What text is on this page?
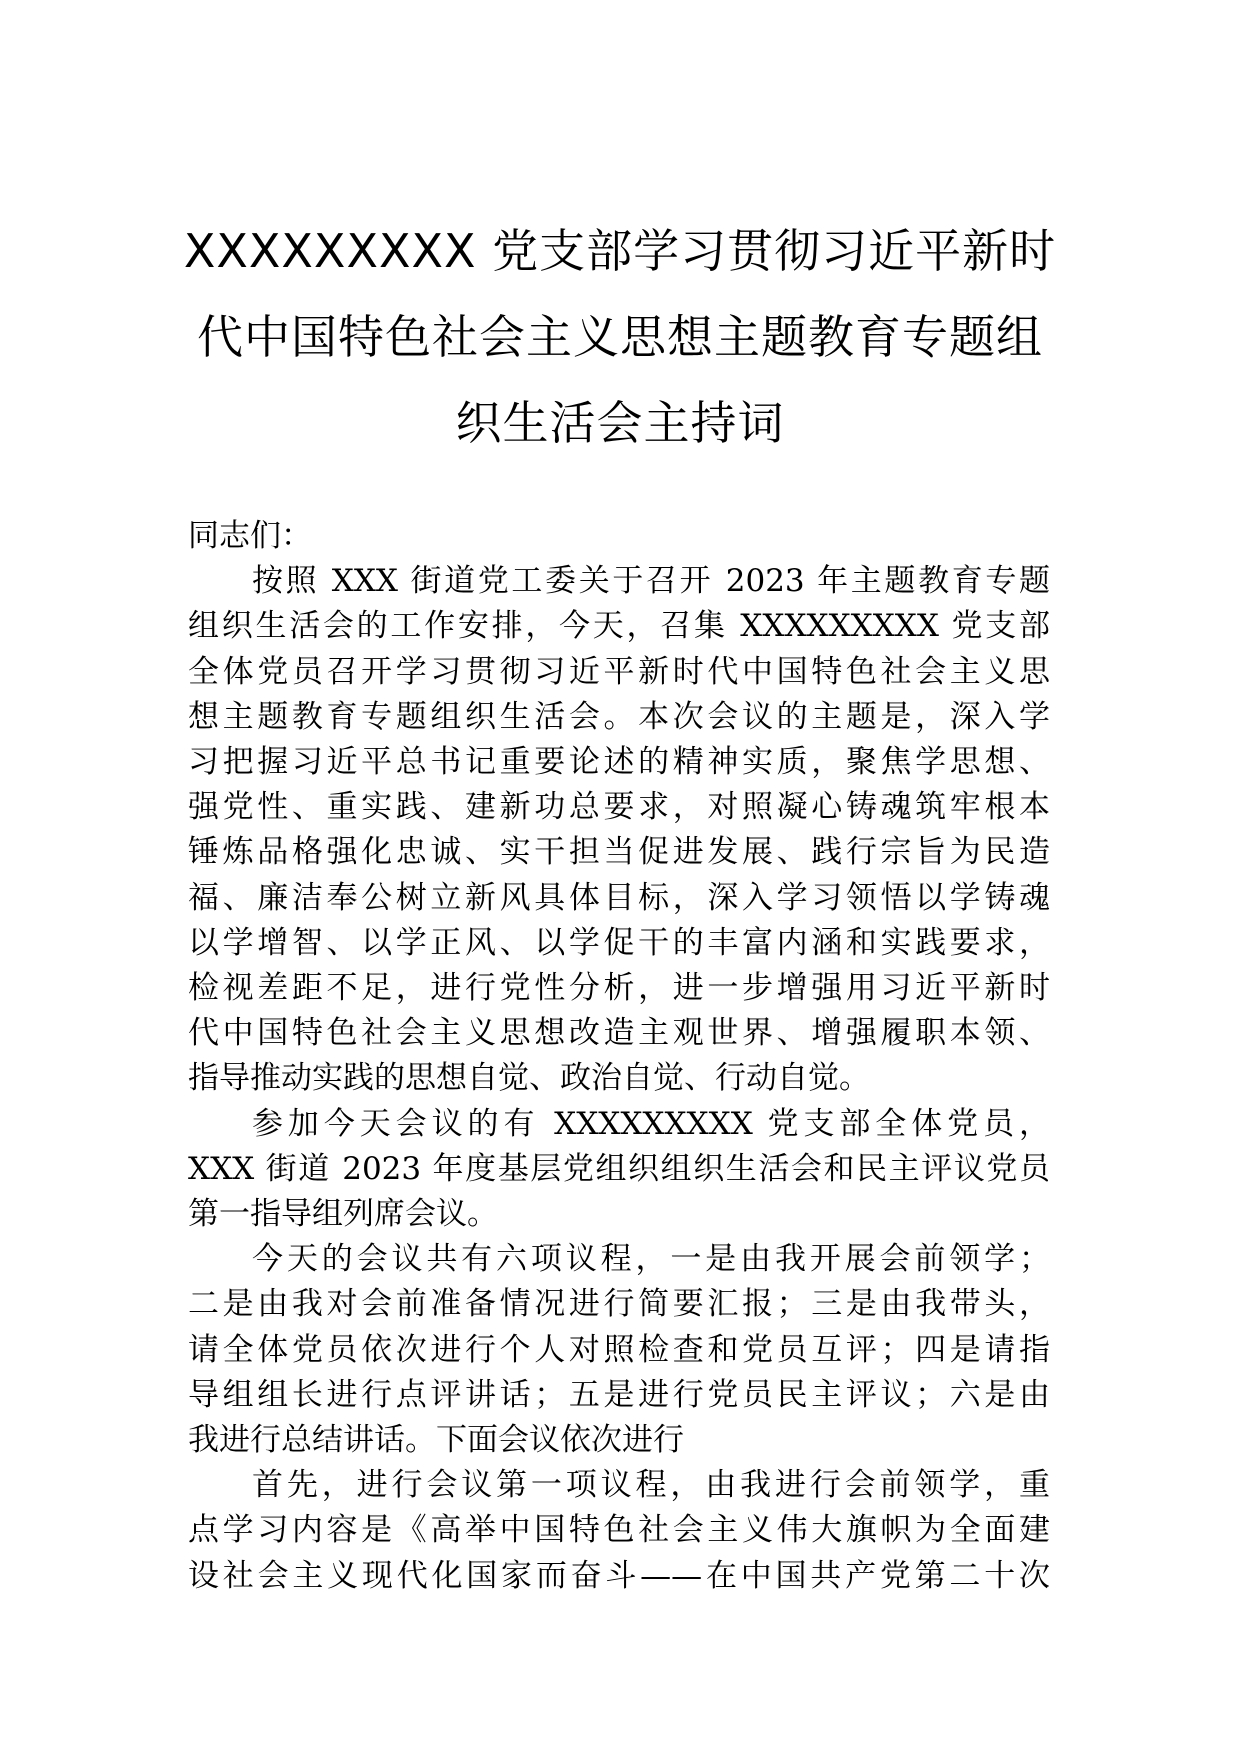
XXXXXXXXX 党支部学习贯彻习近平新时
代中国特色社会主义思想主题教育专题组
织生活会主持词

同志们：

按照 XXX 街道党工委关于召开 2023 年主题教育专题
组织生活会的工作安排，今天，召集 XXXXXXXXX 党支部
全体党员召开学习贯彻习近平新时代中国特色社会主义思
想主题教育专题组织生活会。本次会议的主题是，深入学
习把握习近平总书记重要论述的精神实质，聚焦学思想、
强党性、重实践、建新功总要求，对照凝心铸魂筑牢根本
锤炼品格强化忠诚、实干担当促进发展、践行宗旨为民造
福、廉洁奉公树立新风具体目标，深入学习领悟以学铸魂
以学增智、以学正风、以学促干的丰富内涵和实践要求，
检视差距不足，进行党性分析，进一步增强用习近平新时
代中国特色社会主义思想改造主观世界、增强履职本领、
指导推动实践的思想自觉、政治自觉、行动自觉。

参加今天会议的有 XXXXXXXXX 党支部全体党员，
XXX 街道 2023 年度基层党组织组织生活会和民主评议党员
第一指导组列席会议。

今天的会议共有六项议程，一是由我开展会前领学；
二是由我对会前准备情况进行简要汇报；三是由我带头，
请全体党员依次进行个人对照检查和党员互评；四是请指
导组组长进行点评讲话；五是进行党员民主评议；六是由
我进行总结讲话。下面会议依次进行

首先，进行会议第一项议程，由我进行会前领学，重
点学习内容是《高举中国特色社会主义伟大旗帜为全面建
设社会主义现代化国家而奋斗——在中国共产党第二十次
